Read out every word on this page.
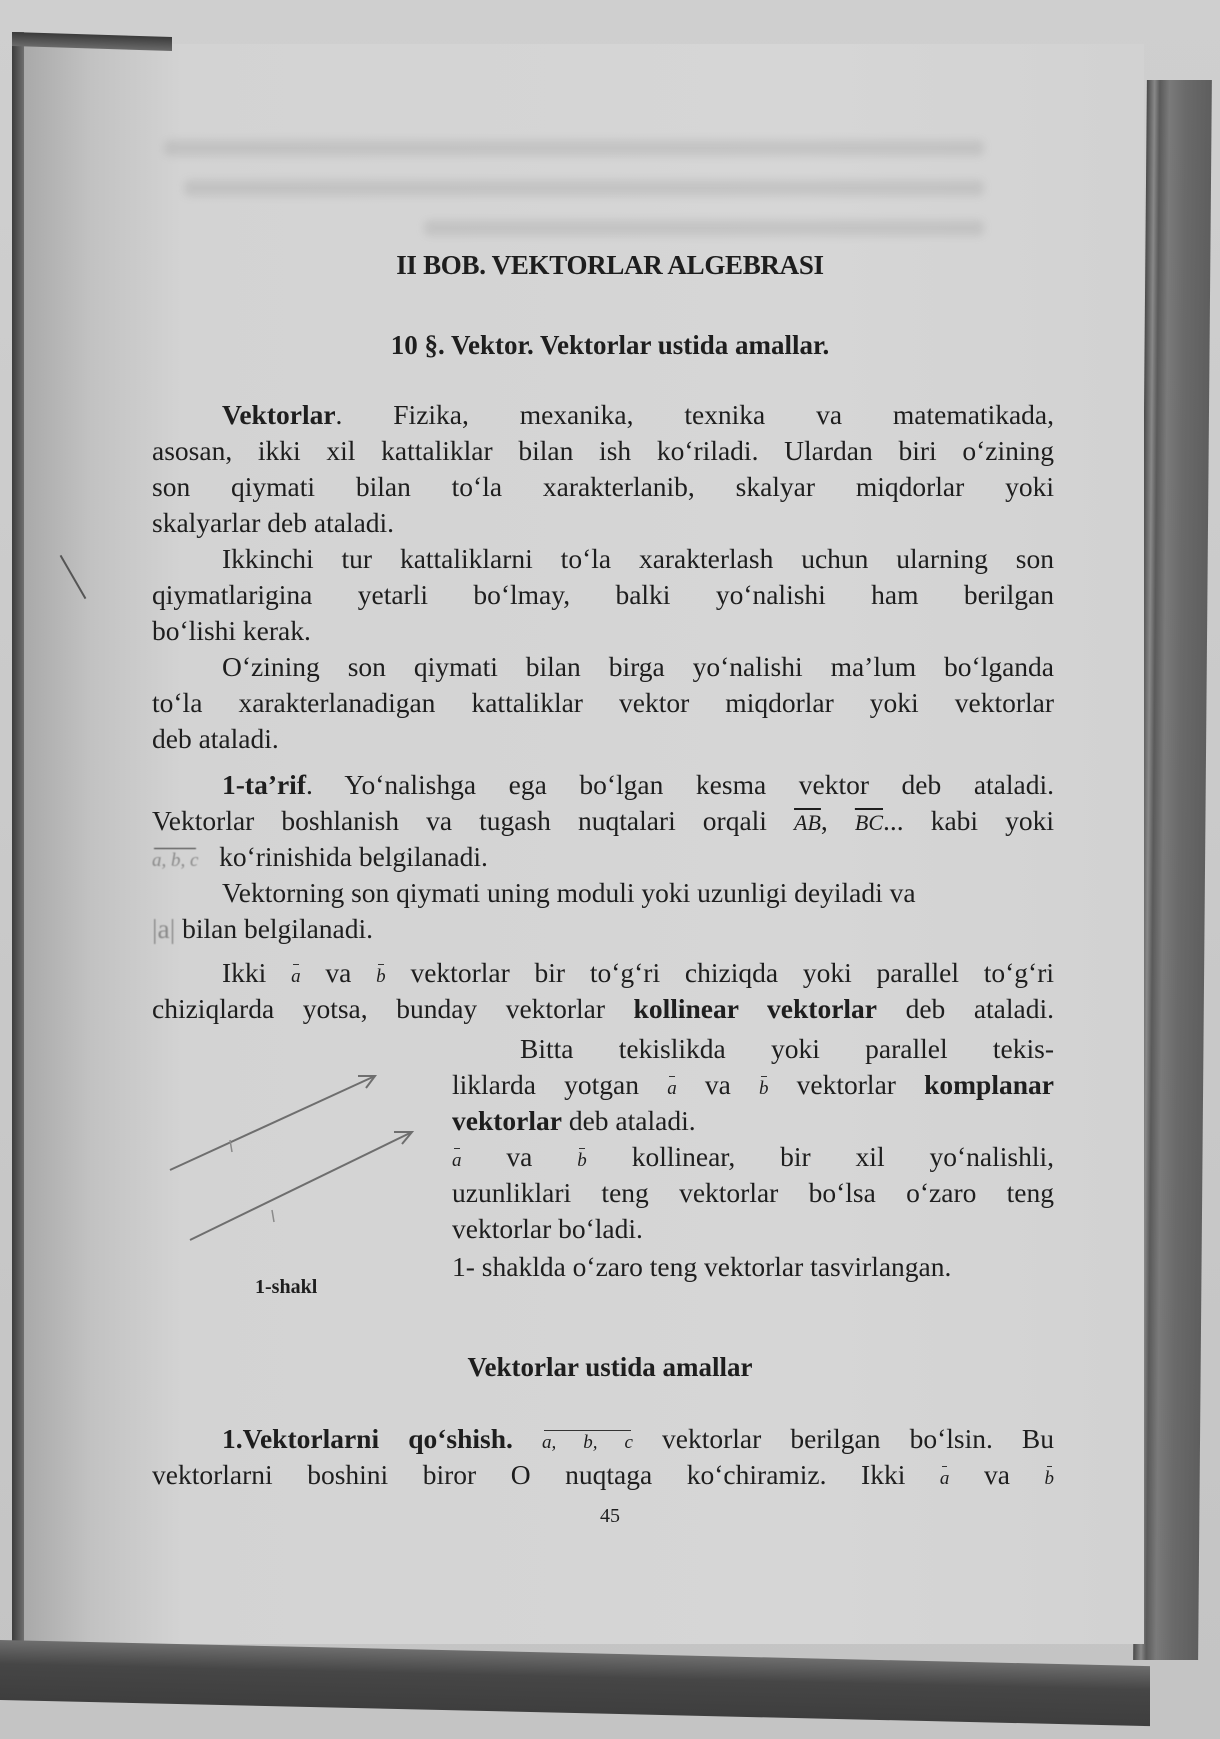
II BOB. VEKTORLAR ALGEBRASI
10 §. Vektor. Vektorlar ustida amallar.
Vektorlar. Fizika, mexanika, texnika va matematikada,
asosan, ikki xil kattaliklar bilan ish ko‘riladi. Ulardan biri o‘zining
son qiymati bilan to‘la xarakterlanib, skalyar miqdorlar yoki
skalyarlar deb ataladi.
Ikkinchi tur kattaliklarni to‘la xarakterlash uchun ularning son
qiymatlarigina yetarli bo‘lmay, balki yo‘nalishi ham berilgan
bo‘lishi kerak.
O‘zining son qiymati bilan birga yo‘nalishi ma’lum bo‘lganda
to‘la xarakterlanadigan kattaliklar vektor miqdorlar yoki vektorlar
deb ataladi.
1-ta’rif. Yo‘nalishga ega bo‘lgan kesma vektor deb ataladi.
Vektorlar boshlanish va tugash nuqtalari orqali $\overline{AB}$, $\overline{BC}$... kabi yoki
a, b, c ko‘rinishida belgilanadi.
Vektorning son qiymati uning moduli yoki uzunligi deyiladi va
|a| bilan belgilanadi.
Ikki a va b vektorlar bir to‘g‘ri chiziqda yoki parallel to‘g‘ri
chiziqlarda yotsa, bunday vektorlar kollinear vektorlar deb ataladi.
Bitta tekislikda yoki parallel tekis-
liklarda yotgan a va b vektorlar komplanar
vektorlar deb ataladi.
a va b kollinear, bir xil yo‘nalishli,
uzunliklari teng vektorlar bo‘lsa o‘zaro teng
vektorlar bo‘ladi.
1- shaklda o‘zaro teng vektorlar tasvirlangan.
1.Vektorlarni qo‘shish. a, b, c vektorlar berilgan bo‘lsin. Bu
vektorlarni boshini biror O nuqtaga ko‘chiramiz. Ikki a va b
1-shakl
Vektorlar ustida amallar
45
